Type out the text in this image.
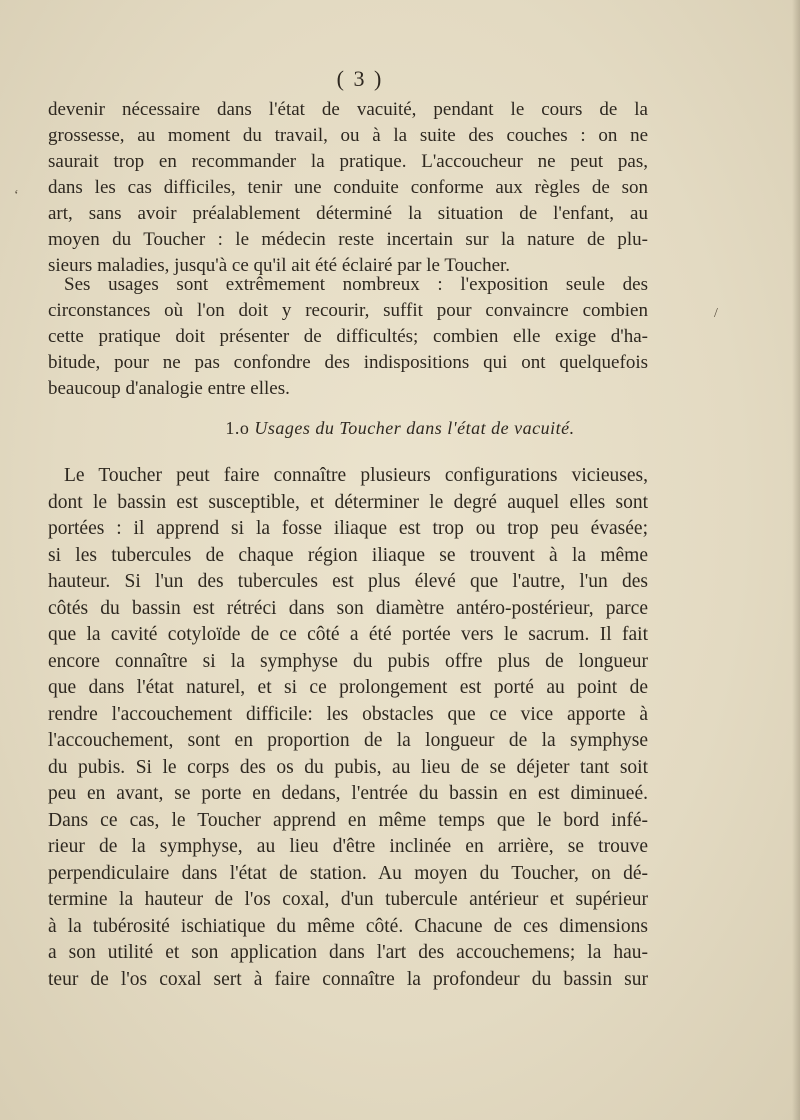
( 3 )
devenir nécessaire dans l'état de vacuité, pendant le cours de la
grossesse, au moment du travail, ou à la suite des couches : on ne
saurait trop en recommander la pratique. L'accoucheur ne peut pas,
dans les cas difficiles, tenir une conduite conforme aux règles de son
art, sans avoir préalablement déterminé la situation de l'enfant, au
moyen du Toucher : le médecin reste incertain sur la nature de plu-
sieurs maladies, jusqu'à ce qu'il ait été éclairé par le Toucher.
Ses usages sont extrêmement nombreux : l'exposition seule des
circonstances où l'on doit y recourir, suffit pour convaincre combien
cette pratique doit présenter de difficultés; combien elle exige d'ha-
bitude, pour ne pas confondre des indispositions qui ont quelquefois
beaucoup d'analogie entre elles.
1.o Usages du Toucher dans l'état de vacuité.
Le Toucher peut faire connaître plusieurs configurations vicieuses,
dont le bassin est susceptible, et déterminer le degré auquel elles sont
portées : il apprend si la fosse iliaque est trop ou trop peu évasée;
si les tubercules de chaque région iliaque se trouvent à la même
hauteur. Si l'un des tubercules est plus élevé que l'autre, l'un des
côtés du bassin est rétréci dans son diamètre antéro-postérieur, parce
que la cavité cotyloïde de ce côté a été portée vers le sacrum. Il fait
encore connaître si la symphyse du pubis offre plus de longueur
que dans l'état naturel, et si ce prolongement est porté au point de
rendre l'accouchement difficile: les obstacles que ce vice apporte à
l'accouchement, sont en proportion de la longueur de la symphyse
du pubis. Si le corps des os du pubis, au lieu de se déjeter tant soit
peu en avant, se porte en dedans, l'entrée du bassin en est diminueé.
Dans ce cas, le Toucher apprend en même temps que le bord infé-
rieur de la symphyse, au lieu d'être inclinée en arrière, se trouve
perpendiculaire dans l'état de station. Au moyen du Toucher, on dé-
termine la hauteur de l'os coxal, d'un tubercule antérieur et supérieur
à la tubérosité ischiatique du même côté. Chacune de ces dimensions
a son utilité et son application dans l'art des accouchemens; la hau-
teur de l'os coxal sert à faire connaître la profondeur du bassin sur
‘
/
